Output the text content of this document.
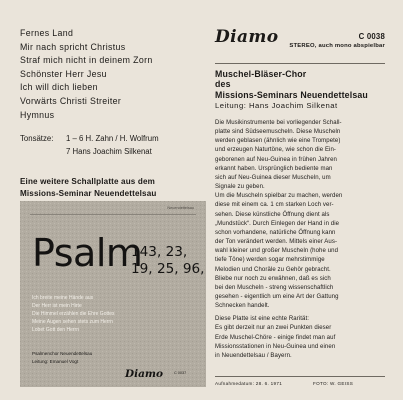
Fernes Land
Mir nach spricht Christus
Straf mich nicht in deinem Zorn
Schönster Herr Jesu
Ich will dich lieben
Vorwärts Christi Streiter
Hymnus
Tonsätze:	1 – 6 H. Zahn / H. Wolfrum
7 Hans Joachim Silkenat
Eine weitere Schallplatte aus dem
Missions-Seminar Neuendettelsau
Neuendettelsau
Psalm
143, 23,
19, 25, 96,
Ich breite meine Hände aus
Der Herr ist mein Hirte
Die Himmel erzählen die Ehre Gottes
Meine Augen sehen stets zum Herrn
Lobet Gott den Herrn
Psalmenchor Neuendettelsau
Leitung: Emanuel Vogt
Diamo	C 0037
Diamo	C 0038
STEREO, auch mono abspielbar
Muschel-Bläser-Chor
des
Missions-Seminars Neuendettelsau
Leitung: Hans Joachim Silkenat

Die Musikinstrumente bei vorliegender Schall-

platte sind Südseemuscheln. Diese Muscheln

werden geblasen (ähnlich wie eine Trompete)

und erzeugen Naturtöne, wie schon die Ein-

geborenen auf Neu-Guinea in frühen Jahren

erkannt haben. Ursprünglich bediente man

sich auf Neu-Guinea dieser Muscheln, um

Signale zu geben.

Um die Muscheln spielbar zu machen, werden

diese mit einem ca. 1 cm starken Loch ver-

sehen. Diese künstliche Öffnung dient als

„Mundstück“. Durch Einlegen der Hand in die

schon vorhandene, natürliche Öffnung kann

der Ton verändert werden. Mittels einer Aus-

wahl kleiner und großer Muscheln (hohe und

tiefe Töne) werden sogar mehrstimmige

Melodien und Choräle zu Gehör gebracht.

Bliebe nur noch zu erwähnen, daß es sich

bei den Muscheln - streng wissenschaftlich

gesehen - eigentlich um eine Art der Gattung

Schnecken handelt.

Diese Platte ist eine echte Rarität:

Es gibt derzeit nur an zwei Punkten dieser

Erde Muschel-Chöre - einige findet man auf

Missionsstationen in Neu-Guinea und einen

in Neuendettelsau / Bayern.

Aufnahmedatum: 28. 6. 1971	FOTO: W. GEISS
